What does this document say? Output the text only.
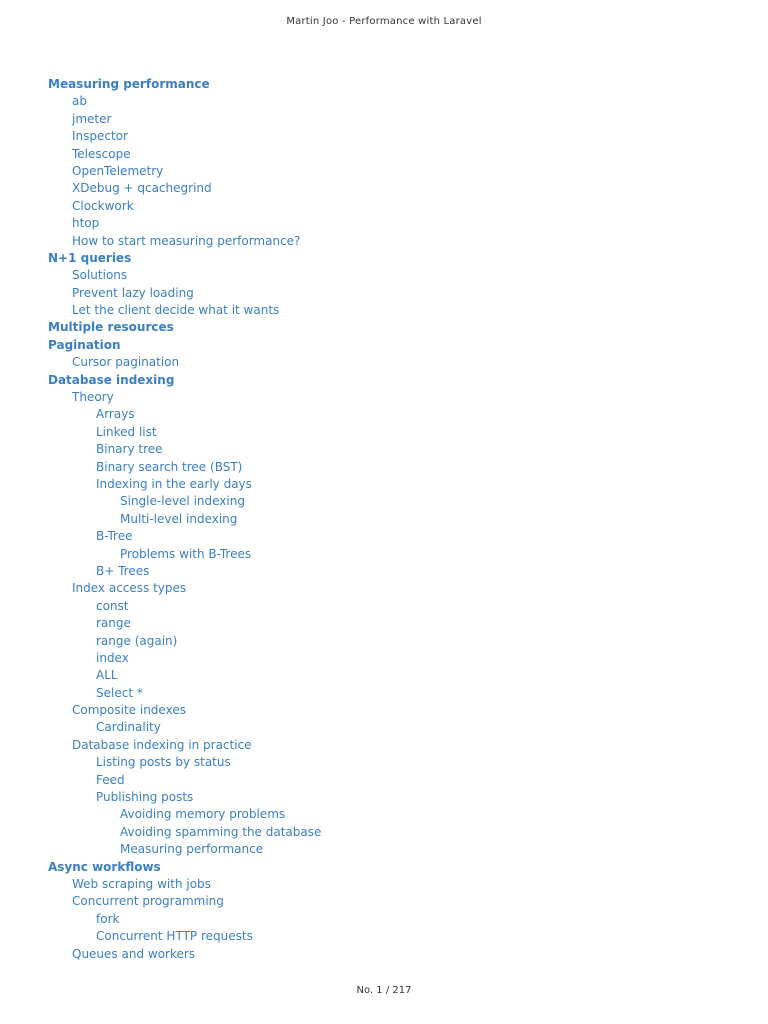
Martin Joo - Performance with Laravel
Measuring performance
ab
jmeter
Inspector
Telescope
OpenTelemetry
XDebug + qcachegrind
Clockwork
htop
How to start measuring performance?
N+1 queries
Solutions
Prevent lazy loading
Let the client decide what it wants
Multiple resources
Pagination
Cursor pagination
Database indexing
Theory
Arrays
Linked list
Binary tree
Binary search tree (BST)
Indexing in the early days
Single-level indexing
Multi-level indexing
B-Tree
Problems with B-Trees
B+ Trees
Index access types
const
range
range (again)
index
ALL
Select *
Composite indexes
Cardinality
Database indexing in practice
Listing posts by status
Feed
Publishing posts
Avoiding memory problems
Avoiding spamming the database
Measuring performance
Async workflows
Web scraping with jobs
Concurrent programming
fork
Concurrent HTTP requests
Queues and workers
No. 1 / 217
